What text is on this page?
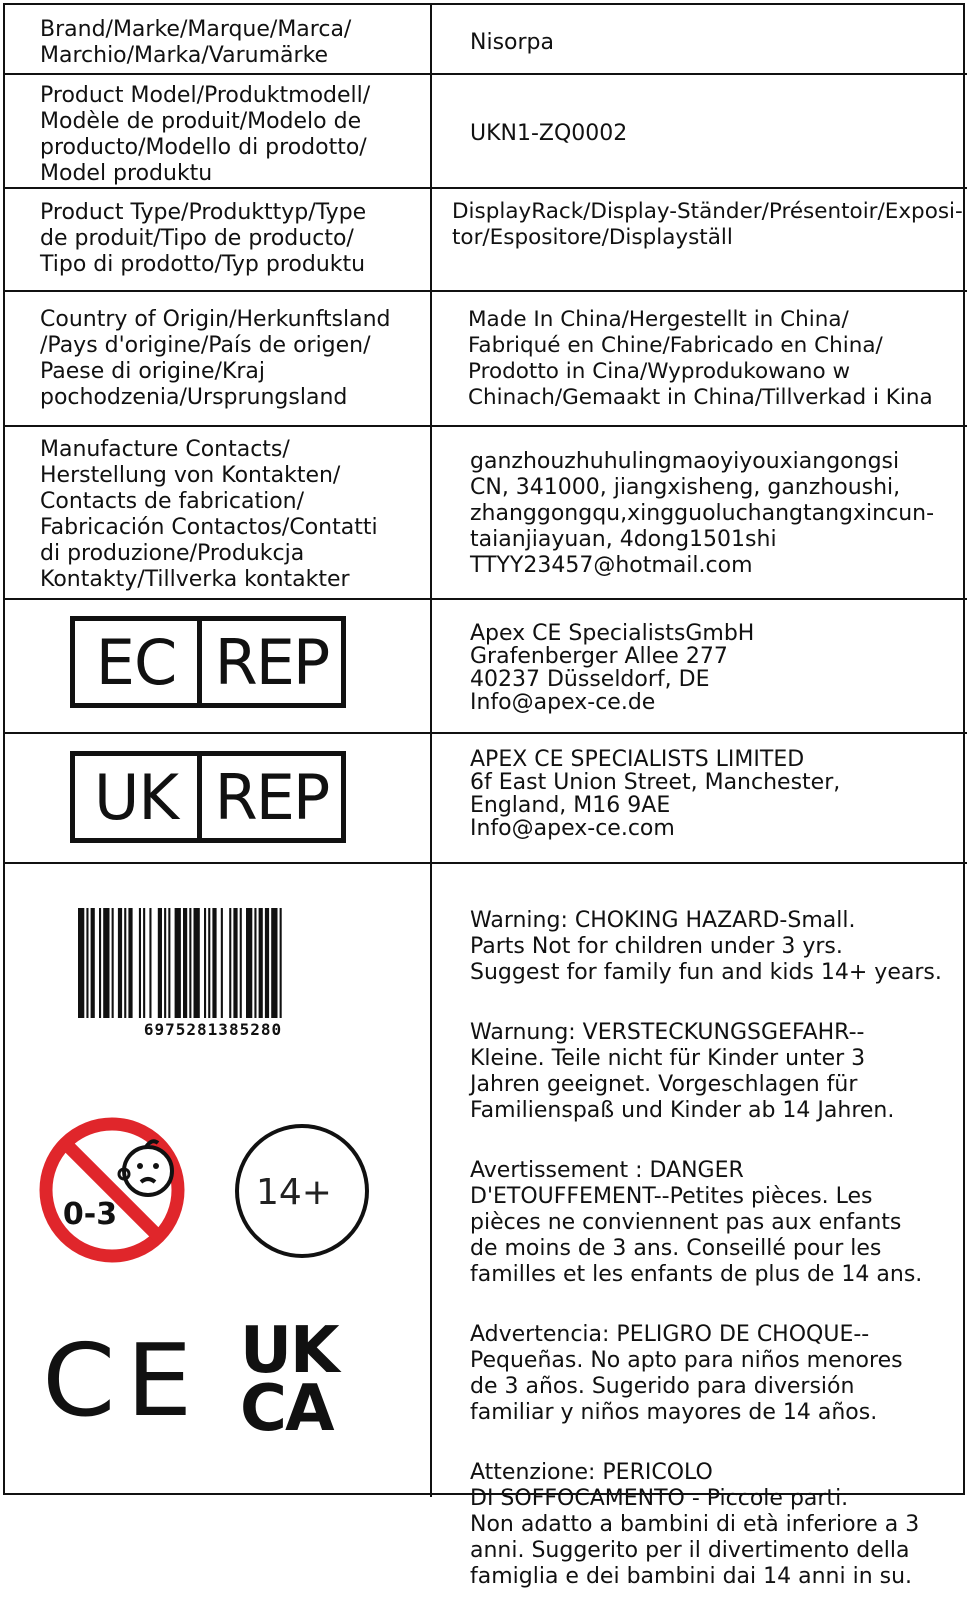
Brand/Marke/Marque/Marca/
Marchio/Marka/Varumärke
Nisorpa
Product Model/Produktmodell/
Modèle de produit/Modelo de
producto/Modello di prodotto/
Model produktu
UKN1-ZQ0002
Product Type/Produkttyp/Type
de produit/Tipo de producto/
Tipo di prodotto/Typ produktu
DisplayRack/Display-Ständer/Présentoir/Exposi-
tor/Espositore/Displayställ
Country of Origin/Herkunftsland
/Pays d'origine/País de origen/
Paese di origine/Kraj
pochodzenia/Ursprungsland
Made In China/Hergestellt in China/
Fabriqué en Chine/Fabricado en China/
Prodotto in Cina/Wyprodukowano w
Chinach/Gemaakt in China/Tillverkad i Kina
Manufacture Contacts/
Herstellung von Kontakten/
Contacts de fabrication/
Fabricación Contactos/Contatti
di produzione/Produkcja
Kontakty/Tillverka kontakter
ganzhouzhuhulingmaoyiyouxiangongsi
CN, 341000, jiangxisheng, ganzhoushi,
zhanggongqu,xingguoluchangtangxincun-
taianjiayuan, 4dong1501shi
TTYY23457@hotmail.com
EC REP	Apex CE SpecialistsGmbH
Grafenberger Allee 277
40237 Düsseldorf, DE
Info@apex-ce.de
UK REP
APEX CE SPECIALISTS LIMITED
6f East Union Street, Manchester,
England, M16 9AE
Info@apex-ce.com
6975281385280
0-3
14+
CE UK
CA

Warning: CHOKING HAZARD-Small.
Parts Not for children under 3 yrs.
Suggest for family fun and kids 14+ years.

Warnung: VERSTECKUNGSGEFAHR--
Kleine. Teile nicht für Kinder unter 3
Jahren geeignet. Vorgeschlagen für
Familienspaß und Kinder ab 14 Jahren.

Avertissement : DANGER
D'ETOUFFEMENT--Petites pièces. Les
pièces ne conviennent pas aux enfants
de moins de 3 ans. Conseillé pour les
familles et les enfants de plus de 14 ans.

Advertencia: PELIGRO DE CHOQUE--
Pequeñas. No apto para niños menores
de 3 años. Sugerido para diversión
familiar y niños mayores de 14 años.

Attenzione: PERICOLO
DI SOFFOCAMENTO - Piccole parti.
Non adatto a bambini di età inferiore a 3
anni. Suggerito per il divertimento della
famiglia e dei bambini dai 14 anni in su.
